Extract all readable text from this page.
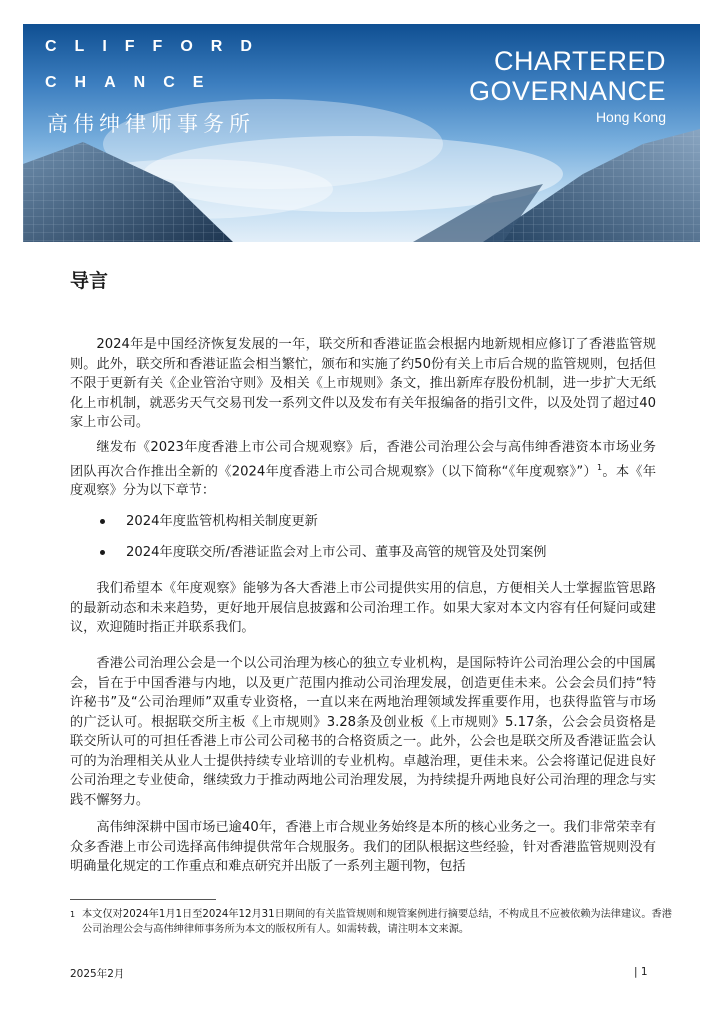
CLIFFORD
CHANCE
高伟绅律师事务所
CHARTERED
GOVERNANCE
Hong Kong
导言

2024年是中国经济恢复发展的一年，联交所和香港证监会根据内地新规相应修订了香港监管规则。此外，联交所和香港证监会相当繁忙，颁布和实施了约50份有关上市后合规的监管规则，包括但不限于更新有关《企业管治守则》及相关《上市规则》条文，推出新库存股份机制，进一步扩大无纸化上市机制，就恶劣天气交易刊发一系列文件以及发布有关年报编备的指引文件，以及处罚了超过40家上市公司。

继发布《2023年度香港上市公司合规观察》后，香港公司治理公会与高伟绅香港资本市场业务团队再次合作推出全新的《2024年度香港上市公司合规观察》（以下简称“《年度观察》”）$^1$。本《年度观察》分为以下章节：

2024年度监管机构相关制度更新
2024年度联交所/香港证监会对上市公司、董事及高管的规管及处罚案例

我们希望本《年度观察》能够为各大香港上市公司提供实用的信息，方便相关人士掌握监管思路的最新动态和未来趋势，更好地开展信息披露和公司治理工作。如果大家对本文内容有任何疑问或建议，欢迎随时指正并联系我们。

香港公司治理公会是一个以公司治理为核心的独立专业机构，是国际特许公司治理公会的中国属会，旨在于中国香港与内地，以及更广范围内推动公司治理发展，创造更佳未来。公会会员们持“特许秘书”及“公司治理师”双重专业资格，一直以来在两地治理领域发挥重要作用，也获得监管与市场的广泛认可。根据联交所主板《上市规则》3.28条及创业板《上市规则》5.17条，公会会员资格是联交所认可的可担任香港上市公司公司秘书的合格资质之一。此外，公会也是联交所及香港证监会认可的为治理相关从业人士提供持续专业培训的专业机构。卓越治理，更佳未来。公会将谨记促进良好公司治理之专业使命，继续致力于推动两地公司治理发展，为持续提升两地良好公司治理的理念与实践不懈努力。

高伟绅深耕中国市场已逾40年，香港上市合规业务始终是本所的核心业务之一。我们非常荣幸有众多香港上市公司选择高伟绅提供常年合规服务。我们的团队根据这些经验，针对香港监管规则没有明确量化规定的工作重点和难点研究并出版了一系列主题刊物，包括

1 本文仅对2024年1月1日至2024年12月31日期间的有关监管规则和规管案例进行摘要总结，不构成且不应被依赖为法律建议。香港公司治理公会与高伟绅律师事务所为本文的版权所有人。如需转载，请注明本文来源。

2025年2月	| 1
